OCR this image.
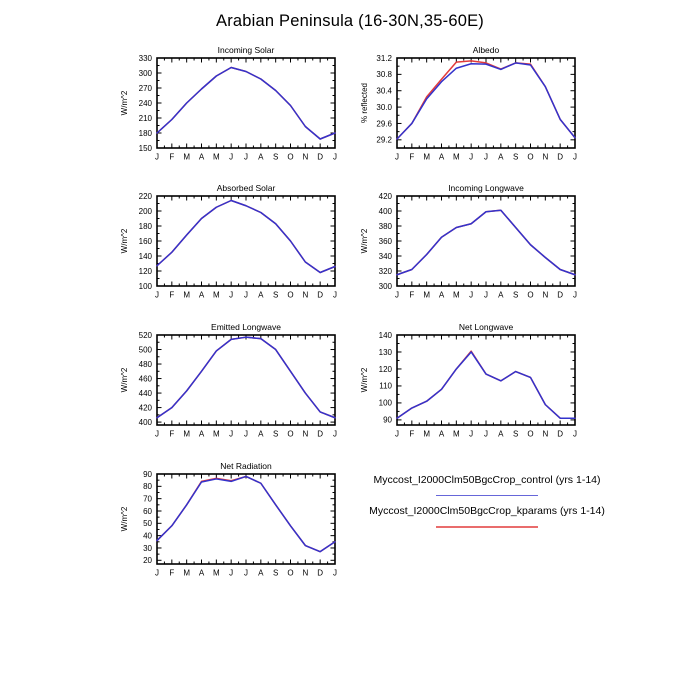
Arabian Peninsula (16-30N,35-60E)
Incoming Solar
J F M A M J J A S O N D J
150
180
210
240
270
300
330
W/m^2
Albedo
J F M A M J J A S O N D J
29.2
29.6
30.0
30.4
30.8
31.2
% reflected
Absorbed Solar
J F M A M J J A S O N D J
100
120
140
160
180
200
220
W/m^2
Incoming Longwave
J F M A M J J A S O N D J
300
320
340
360
380
400
420
W/m^2
Emitted Longwave
J F M A M J J A S O N D J
400
420
440
460
480
500
520
W/m^2
Net Longwave
J F M A M J J A S O N D J
90
100
110
120
130
140
W/m^2
Net Radiation
J F M A M J J A S O N D J
20
30
40
50
60
70
80
90
W/m^2
Myccost_I2000Clm50BgcCrop_control (yrs 1-14)
Myccost_I2000Clm50BgcCrop_kparams (yrs 1-14)
